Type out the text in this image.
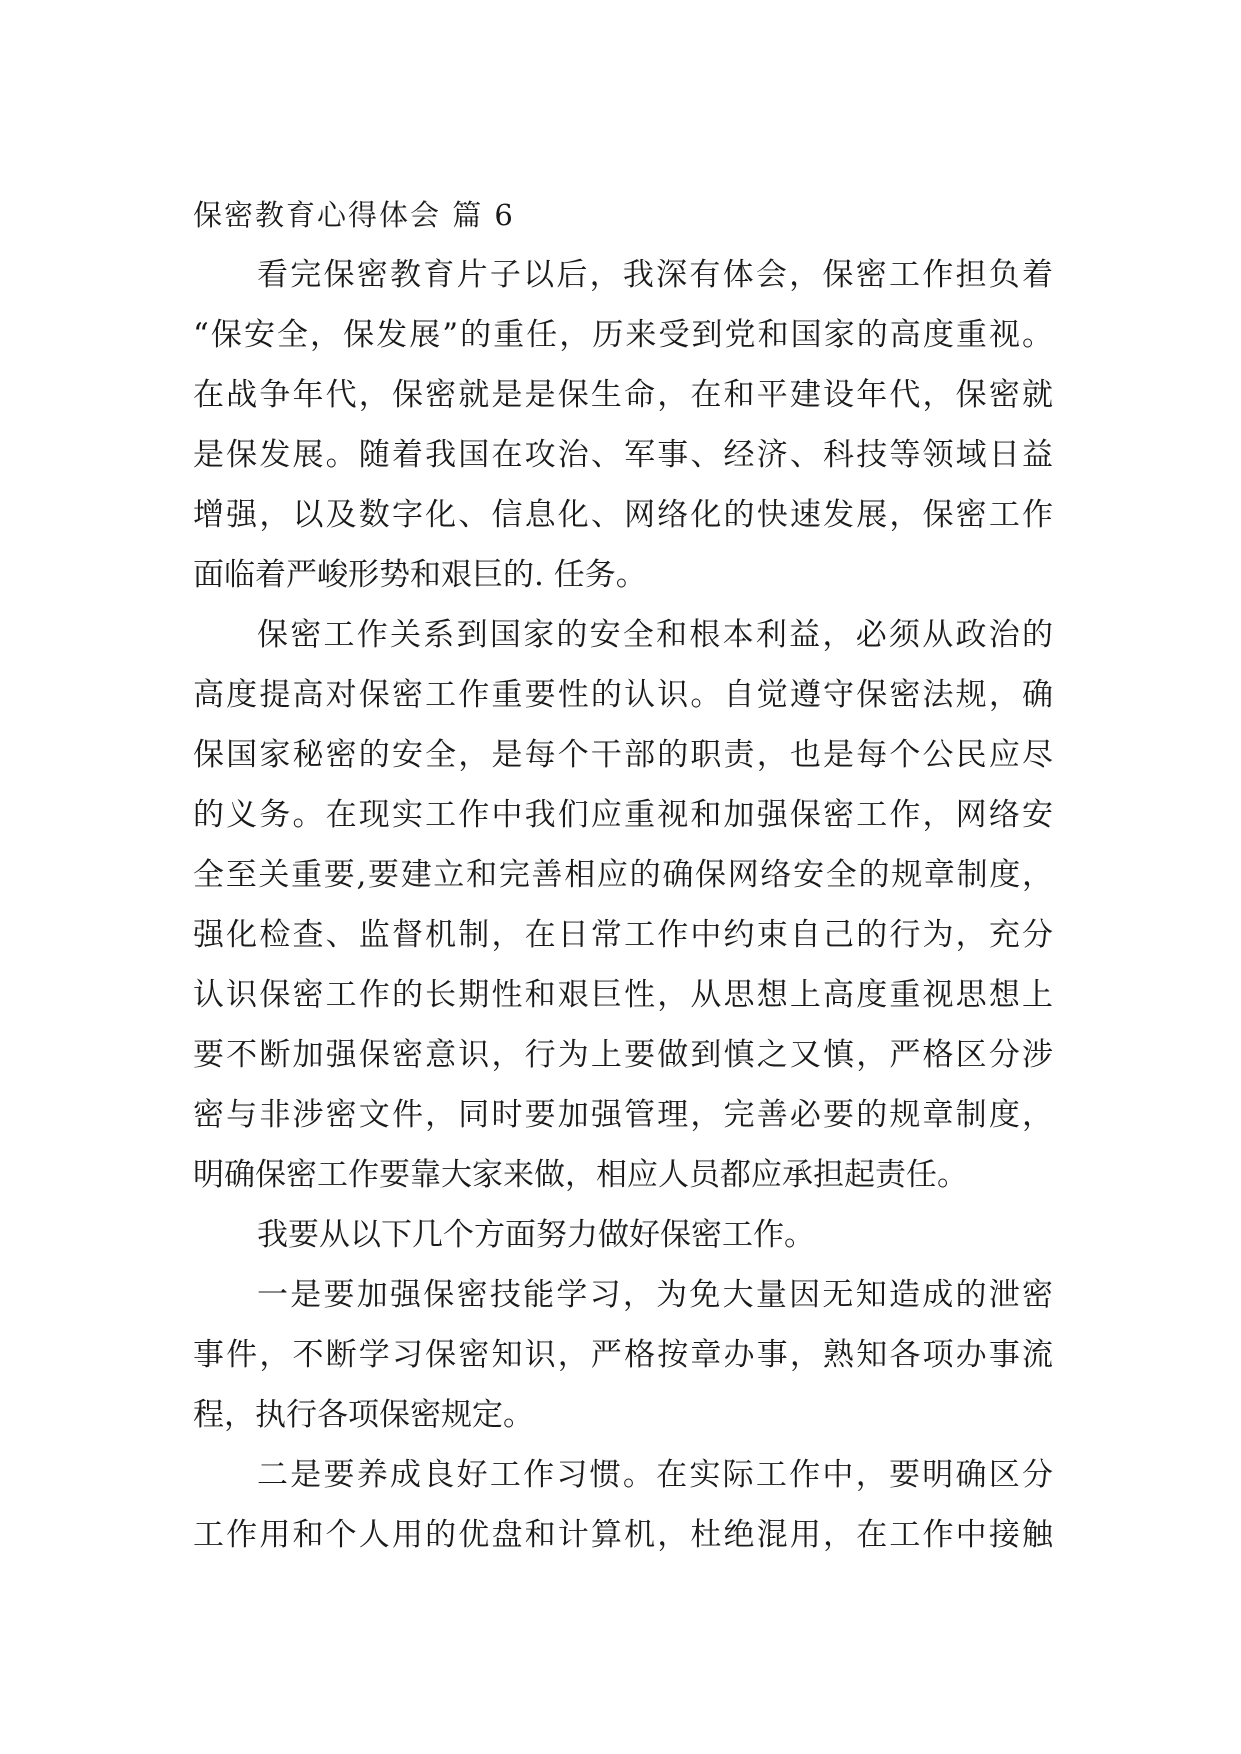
保密教育心得体会 篇 6
看完保密教育片子以后，我深有体会，保密工作担负着
“保安全，保发展”的重任，历来受到党和国家的高度重视。
在战争年代，保密就是是保生命，在和平建设年代，保密就
是保发展。随着我国在攻治、军事、经济、科技等领域日益
增强，以及数字化、信息化、网络化的快速发展，保密工作
面临着严峻形势和艰巨的. 任务。
保密工作关系到国家的安全和根本利益，必须从政治的
高度提高对保密工作重要性的认识。自觉遵守保密法规，确
保国家秘密的安全，是每个干部的职责，也是每个公民应尽
的义务。在现实工作中我们应重视和加强保密工作，网络安
全至关重要,要建立和完善相应的确保网络安全的规章制度，
强化检查、监督机制，在日常工作中约束自己的行为，充分
认识保密工作的长期性和艰巨性，从思想上高度重视思想上
要不断加强保密意识，行为上要做到慎之又慎，严格区分涉
密与非涉密文件，同时要加强管理，完善必要的规章制度，
明确保密工作要靠大家来做，相应人员都应承担起责任。
我要从以下几个方面努力做好保密工作。
一是要加强保密技能学习，为免大量因无知造成的泄密
事件，不断学习保密知识，严格按章办事，熟知各项办事流
程，执行各项保密规定。
二是要养成良好工作习惯。在实际工作中，要明确区分
工作用和个人用的优盘和计算机，杜绝混用，在工作中接触
